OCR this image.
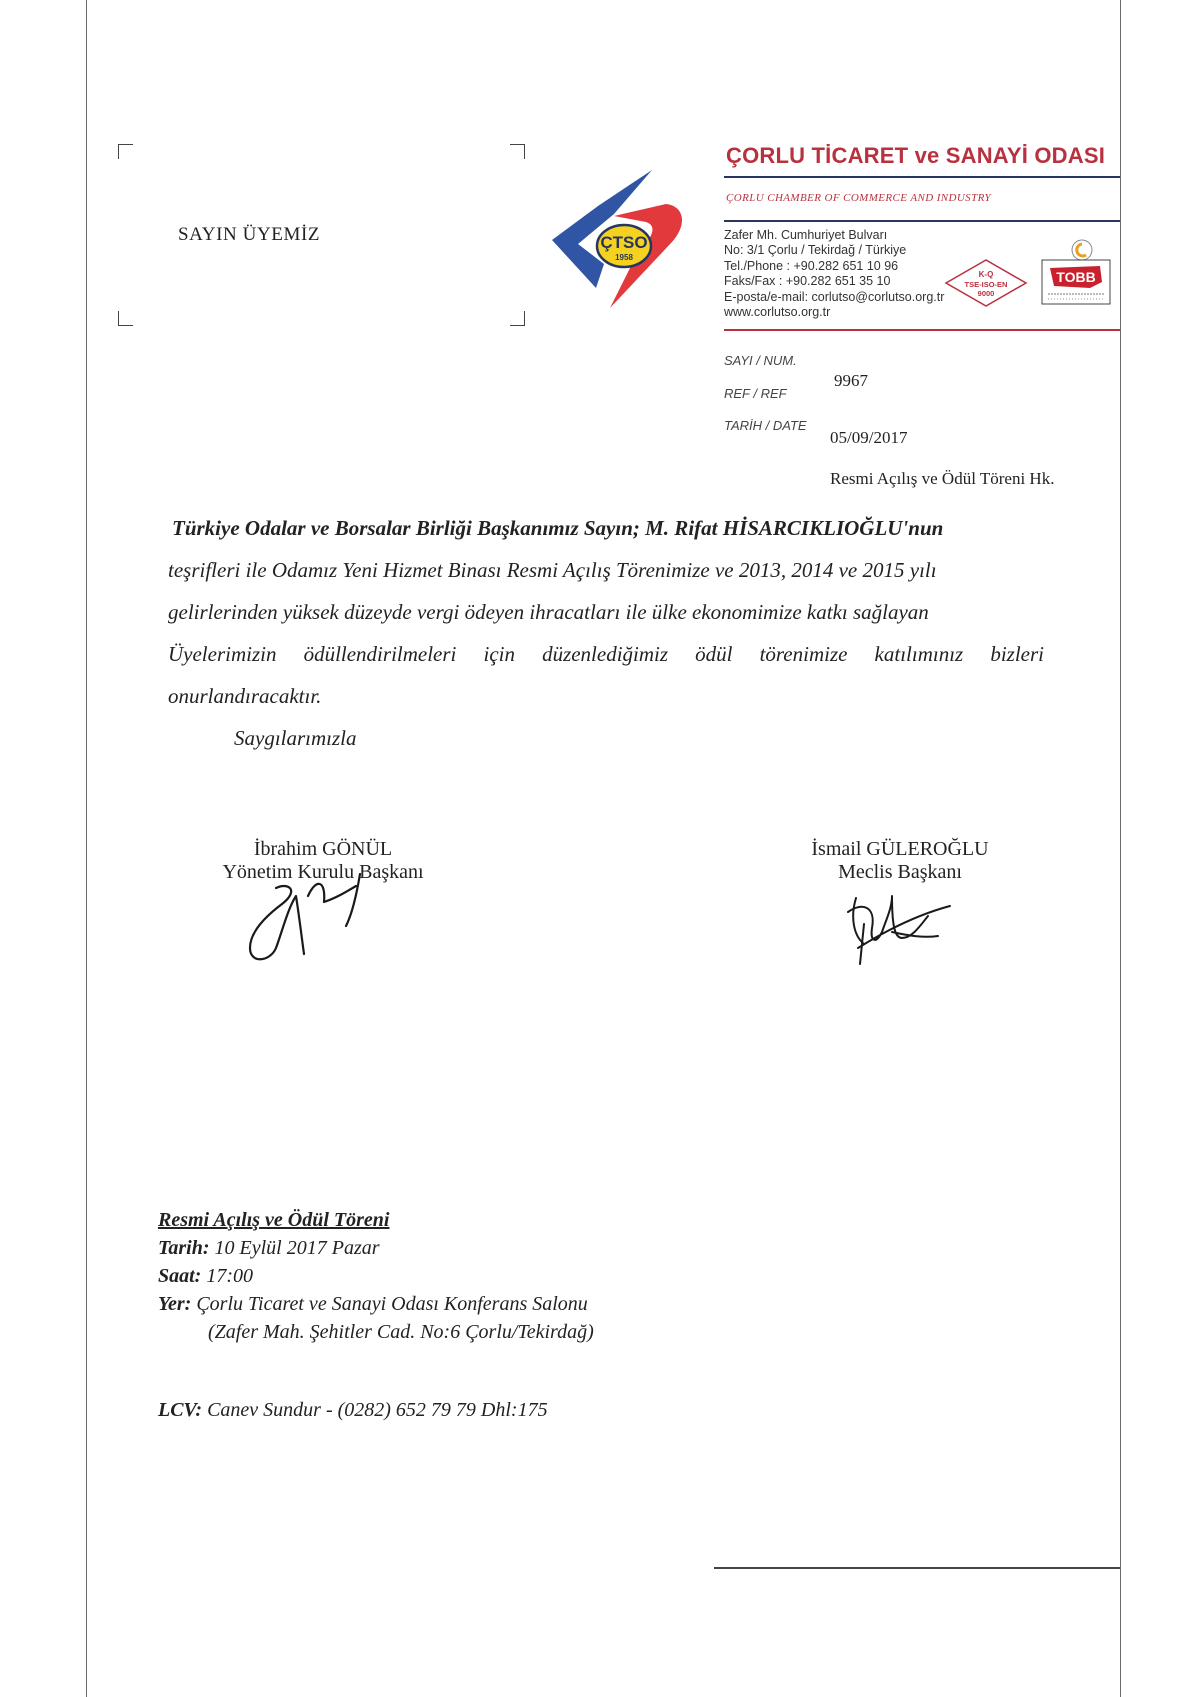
SAYIN ÜYEMİZ	ÇTSO
1958
ÇORLU TİCARET ve SANAYİ ODASI
ÇORLU CHAMBER OF COMMERCE AND INDUSTRY
Zafer Mh. Cumhuriyet Bulvarı
No: 3/1 Çorlu / Tekirdağ / Türkiye
Tel./Phone : +90.282 651 10 96
Faks/Fax : +90.282 651 35 10
E-posta/e-mail: corlutso@corlutso.org.tr
www.corlutso.org.tr
K-Q
TSE-ISO-EN
9000
TOBB
SAYI / NUM.
9967
REF / REF
TARİH / DATE
05/09/2017
Resmi Açılış ve Ödül Töreni Hk.
Türkiye Odalar ve Borsalar Birliği Başkanımız Sayın; M. Rifat HİSARCIKLIOĞLU'nun
teşrifleri ile Odamız Yeni Hizmet Binası Resmi Açılış Törenimize ve 2013, 2014 ve 2015 yılı
gelirlerinden yüksek düzeyde vergi ödeyen ihracatları ile ülke ekonomimize katkı sağlayan
Üyelerimizin ödüllendirilmeleri için düzenlediğimiz ödül törenimize katılımınız bizleri
onurlandıracaktır.
Saygılarımızla
İbrahim GÖNÜL
Yönetim Kurulu Başkanı
İsmail GÜLEROĞLU
Meclis Başkanı
Resmi Açılış ve Ödül Töreni
Tarih: 10 Eylül 2017 Pazar
Saat: 17:00
Yer: Çorlu Ticaret ve Sanayi Odası Konferans Salonu
(Zafer Mah. Şehitler Cad. No:6 Çorlu/Tekirdağ)
LCV: Canev Sundur - (0282) 652 79 79 Dhl:175
